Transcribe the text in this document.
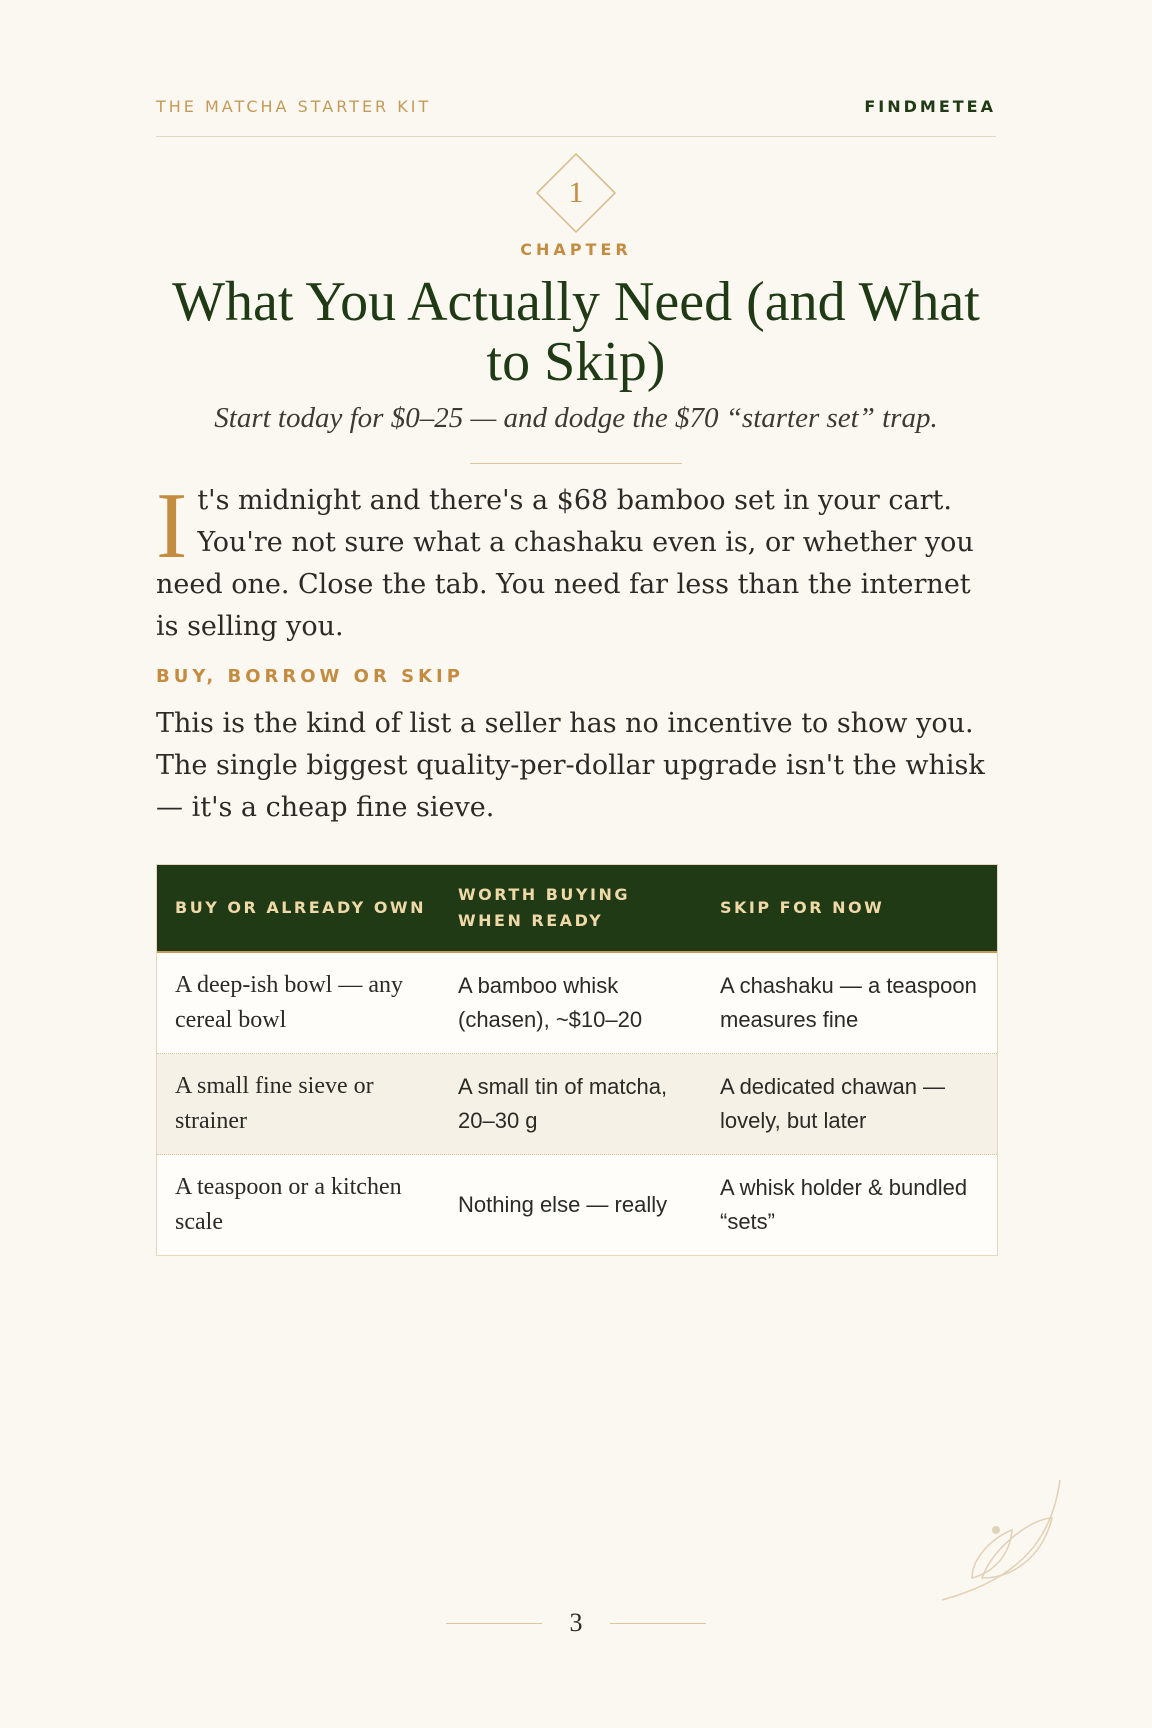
THE MATCHA STARTER KIT	FINDMETEA
1
CHAPTER
What You Actually Need (and What to Skip)
Start today for $0–25 — and dodge the $70 “starter set” trap.

It's midnight and there's a $68 bamboo set in your cart. You're not sure what a chashaku even is, or whether you need one. Close the tab. You need far less than the internet is selling you.

BUY, BORROW OR SKIP

This is the kind of list a seller has no incentive to show you. The single biggest quality-per-dollar upgrade isn't the whisk — it's a cheap fine sieve.

BUY OR ALREADY OWN
WORTH BUYING WHEN READY
SKIP FOR NOW
A deep-ish bowl — any cereal bowl
A bamboo whisk (chasen), ~$10–20
A chashaku — a teaspoon measures fine
A small fine sieve or strainer
A small tin of matcha, 20–30 g
A dedicated chawan — lovely, but later
A teaspoon or a kitchen scale
Nothing else — really
A whisk holder & bundled “sets”
3
